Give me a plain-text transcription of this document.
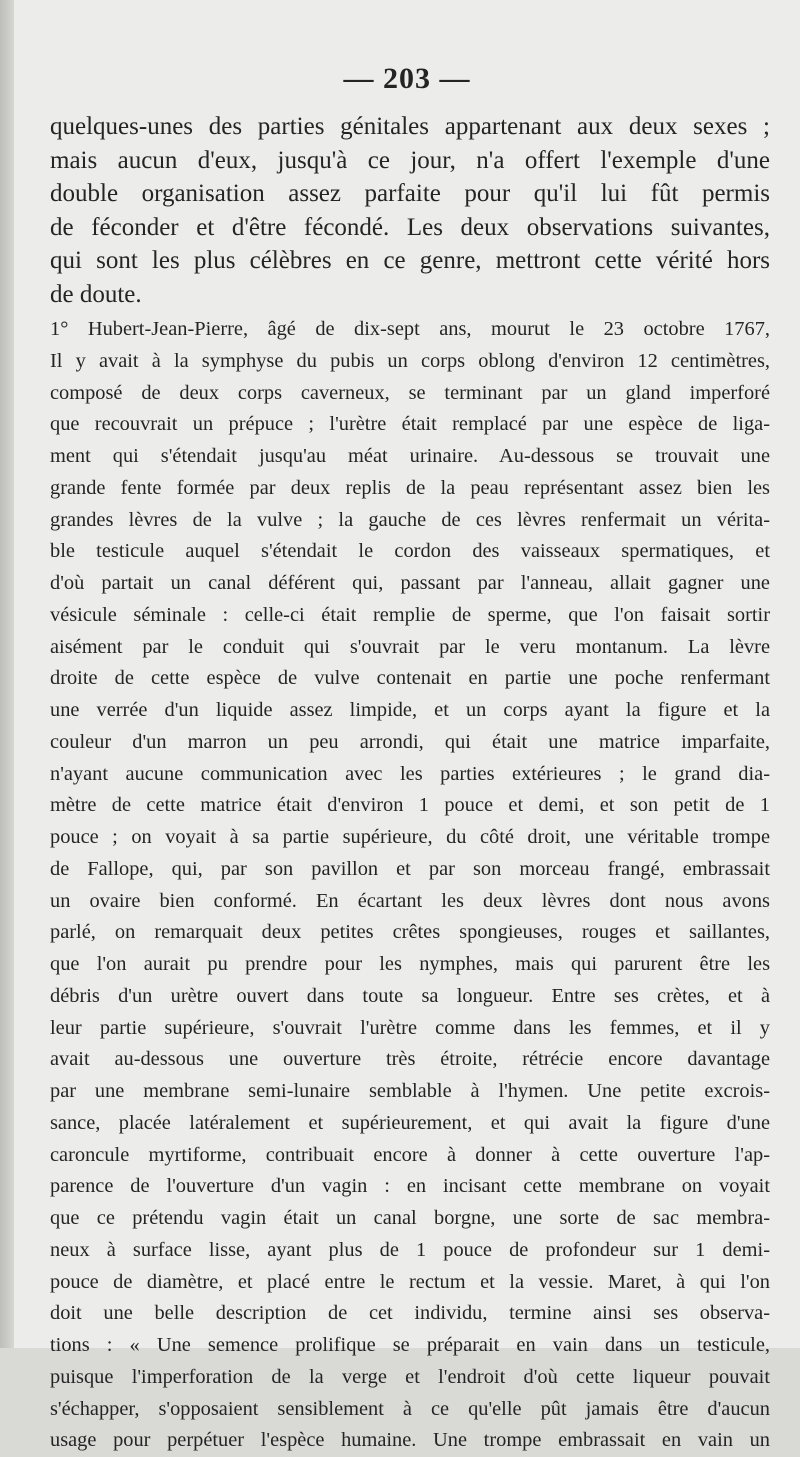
— 203 —
quelques-unes des parties génitales appartenant aux deux sexes ;
mais aucun d'eux, jusqu'à ce jour, n'a offert l'exemple d'une
double organisation assez parfaite pour qu'il lui fût permis
de féconder et d'être fécondé. Les deux observations suivantes,
qui sont les plus célèbres en ce genre, mettront cette vérité hors
de doute.
1° Hubert-Jean-Pierre, âgé de dix-sept ans, mourut le 23 octobre 1767,
Il y avait à la symphyse du pubis un corps oblong d'environ 12 centimètres,
composé de deux corps caverneux, se terminant par un gland imperforé
que recouvrait un prépuce ; l'urètre était remplacé par une espèce de liga-
ment qui s'étendait jusqu'au méat urinaire. Au-dessous se trouvait une
grande fente formée par deux replis de la peau représentant assez bien les
grandes lèvres de la vulve ; la gauche de ces lèvres renfermait un vérita-
ble testicule auquel s'étendait le cordon des vaisseaux spermatiques, et
d'où partait un canal déférent qui, passant par l'anneau, allait gagner une
vésicule séminale : celle-ci était remplie de sperme, que l'on faisait sortir
aisément par le conduit qui s'ouvrait par le veru montanum. La lèvre
droite de cette espèce de vulve contenait en partie une poche renfermant
une verrée d'un liquide assez limpide, et un corps ayant la figure et la
couleur d'un marron un peu arrondi, qui était une matrice imparfaite,
n'ayant aucune communication avec les parties extérieures ; le grand dia-
mètre de cette matrice était d'environ 1 pouce et demi, et son petit de 1
pouce ; on voyait à sa partie supérieure, du côté droit, une véritable trompe
de Fallope, qui, par son pavillon et par son morceau frangé, embrassait
un ovaire bien conformé. En écartant les deux lèvres dont nous avons
parlé, on remarquait deux petites crêtes spongieuses, rouges et saillantes,
que l'on aurait pu prendre pour les nymphes, mais qui parurent être les
débris d'un urètre ouvert dans toute sa longueur. Entre ses crètes, et à
leur partie supérieure, s'ouvrait l'urètre comme dans les femmes, et il y
avait au-dessous une ouverture très étroite, rétrécie encore davantage
par une membrane semi-lunaire semblable à l'hymen. Une petite excrois-
sance, placée latéralement et supérieurement, et qui avait la figure d'une
caroncule myrtiforme, contribuait encore à donner à cette ouverture l'ap-
parence de l'ouverture d'un vagin : en incisant cette membrane on voyait
que ce prétendu vagin était un canal borgne, une sorte de sac membra-
neux à surface lisse, ayant plus de 1 pouce de profondeur sur 1 demi-
pouce de diamètre, et placé entre le rectum et la vessie. Maret, à qui l'on
doit une belle description de cet individu, termine ainsi ses observa-
tions : « Une semence prolifique se préparait en vain dans un testicule,
puisque l'imperforation de la verge et l'endroit d'où cette liqueur pouvait
s'échapper, s'opposaient sensiblement à ce qu'elle pût jamais être d'aucun
usage pour perpétuer l'espèce humaine. Une trompe embrassait en vain un
